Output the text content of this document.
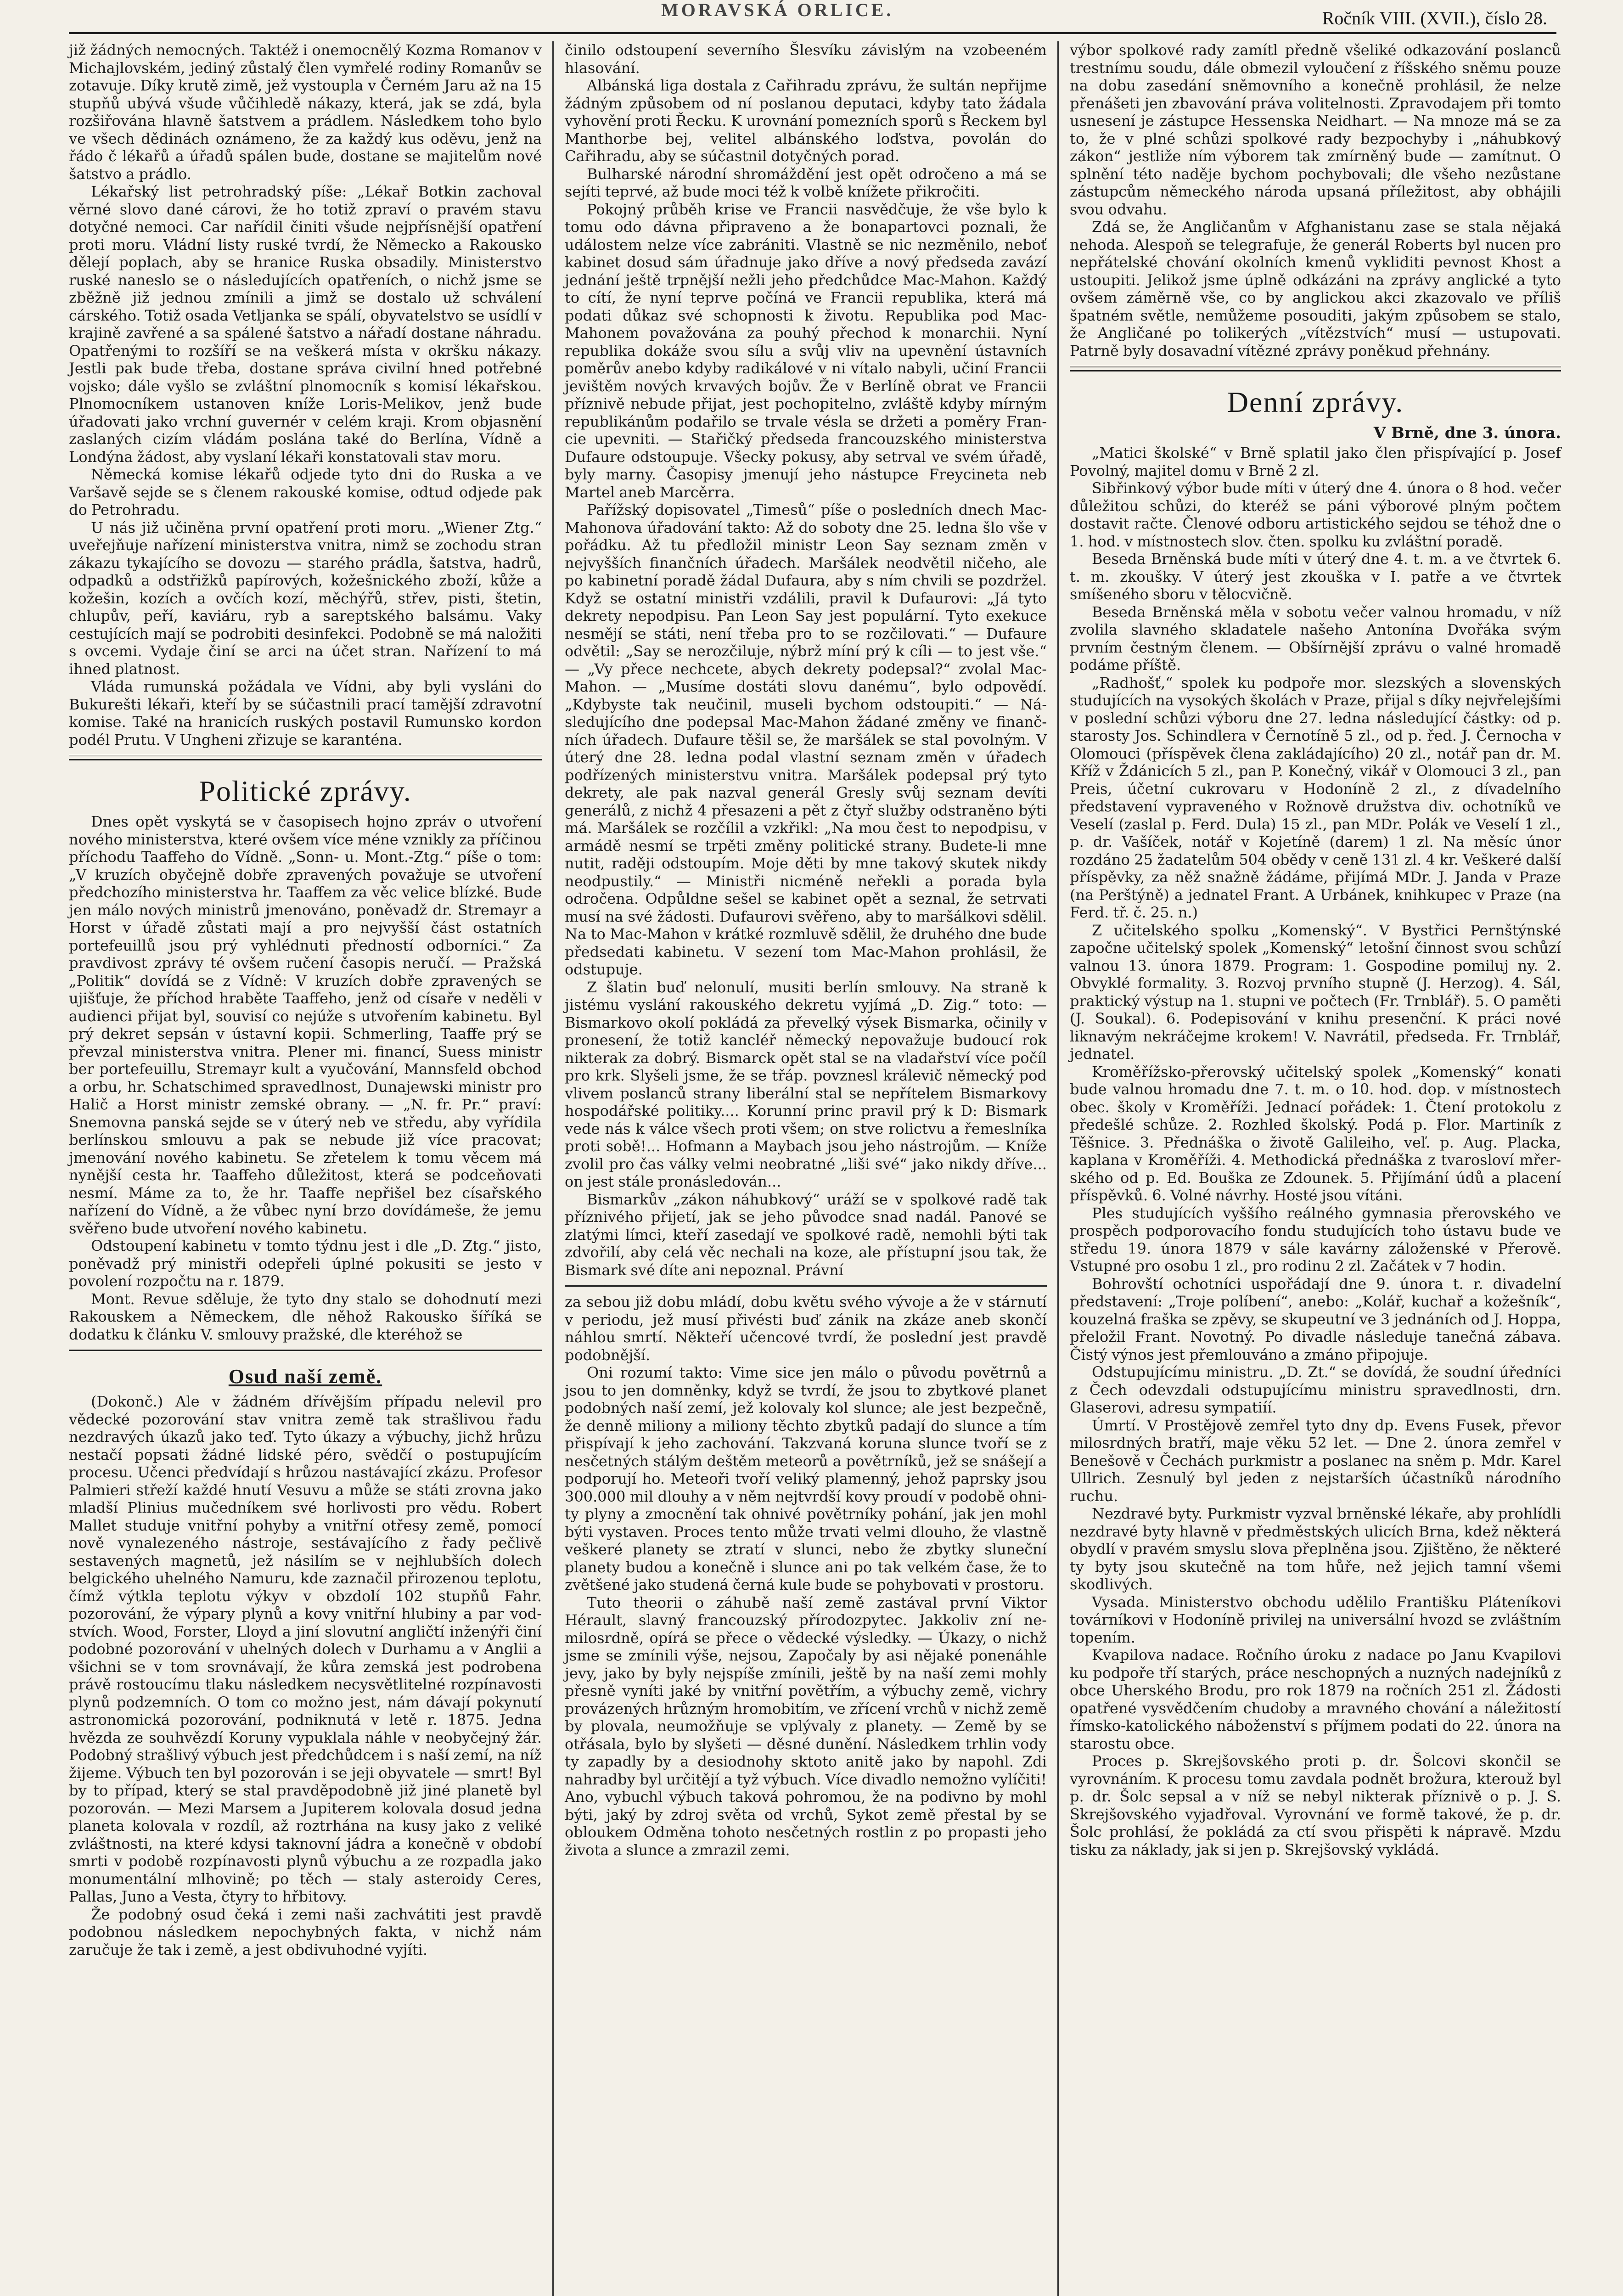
MORAVSKÁ ORLICE.	Ročník VIII. (XVII.), číslo 28.

již žádných nemocných. Taktéž i onemocnělý Kozma Romanov v Michajlovském, jediný zůstalý člen vymřelé rodiny Romanův se zotavuje. Díky krutě zimě, jež vystoupla v Černém Jaru až na 15 stupňů ubývá všude vůčihledě nákazy, která, jak se zdá, byla rozšiřována hlavně šatstvem a prádlem. Následkem toho bylo ve všech dědinách oznámeno, že za každý kus oděvu, jenž na řádo č lékařů a úřadů spálen bude, dostane se majitelům nové šatstvo a prádlo.

Lékařský list petrohradský píše: „Lékař Botkin zachoval věrné slovo dané cárovi, že ho totiž zpraví o pravém stavu dotyčné nemoci. Car nařídil činiti všude nejpřísnější opatření proti moru. Vládní listy ruské tvrdí, že Německo a Rakousko dělejí poplach, aby se hranice Ruska obsadily. Ministerstvo ruské naneslo se o následujících opatřeních, o nichž jsme se zběžně již jednou zmínili a jimž se dostalo už schválení cárského. Totiž osada Vetljanka se spálí, obyvatelstvo se usídlí v krajině zavřené a sa spálené šatstvo a nářadí dostane náhradu. Opatřenými to rozšíří se na veškerá místa v okršku nákazy. Jestli pak bude třeba, dostane správa civilní hned potřebné vojsko; dále vyšlo se zvláštní plnomocník s komisí lékařskou. Plnomocníkem ustanoven kníže Loris-Melikov, jenž bude úřadovati jako vrchní guvernér v celém kraji. Krom objasnění zaslaných cizím vládám poslána také do Berlína, Vídně a Londýna žádost, aby vyslaní lékaři konstatovali stav moru.

Německá komise lékařů odjede tyto dni do Ruska a ve Varšavě sejde se s členem rakouské komise, odtud odjede pak do Petrohradu.

U nás již učiněna první opatření proti moru. „Wiener Ztg.“ uveřejňuje nařízení ministerstva vnitra, nimž se zochodu stran zákazu tykajícího se dovozu — starého prádla, šatstva, hadrů, odpadků a odstřižků papírových, kožešnického zboží, kůže a kožešin, kozích a ovčích kozí, měchýřů, střev, pisti, štetin, chlupův, peří, kaviáru, ryb a sareptského balsámu. Vaky cestujících mají se podrobiti desinfekci. Podobně se má naložiti s ovcemi. Vydaje činí se arci na účet stran. Nařízení to má ihned platnost.

Vláda rumunská požádala ve Vídni, aby byli vysláni do Bukurešti lékaři, kteří by se súčastnili prací tamější zdravotní komise. Také na hranicích ruských postavil Rumunsko kordon podél Prutu. V Ungheni zřizuje se karanténa.

Politické zprávy.

Dnes opět vyskytá se v časopisech hojno zpráv o utvoření nového ministerstva, které ovšem více méne vznikly za příčinou příchodu Taaffeho do Vídně. „Sonn- u. Mont.-Ztg.“ píše o tom: „V kruzích obyčejně dobře zpravených považuje se utvoření předchozího ministerstva hr. Taaffem za věc velice blízké. Bude jen málo nových ministrů jmenováno, poněvadž dr. Stremayr a Horst v úřadě zůstati mají a pro nejvyšší část ostatních portefeuillů jsou prý vyhlédnuti předností odborníci.“ Za pravdivost zprávy té ovšem ručení časopis neručí. — Pražská „Politik“ dovídá se z Vídně: V kruzích dobře zpravených se ujišťuje, že příchod hraběte Taaffeho, jenž od císaře v neděli v audienci přijat byl, souvisí co nejúže s utvořením kabinetu. Byl prý dekret sepsán v ústavní kopii. Schmerling, Taaffe prý se převzal ministerstva vnitra. Plener mi. financí, Suess ministr ber portefeuillu, Stremayr kult a vyučování, Mannsfeld obchod a orbu, hr. Schatschimed spravedlnost, Dunajewski ministr pro Halič a Horst ministr zemské obrany. — „N. fr. Pr.“ praví: Snemovna panská sejde se v úterý neb ve středu, aby vyřídila berlínskou smlouvu a pak se nebude již více pracovat; jmenování nového kabinetu. Se zřetelem k tomu věcem má nynější cesta hr. Taaffeho důležitost, která se podceňovati nesmí. Máme za to, že hr. Taaffe nepřišel bez císařského nařízení do Vídně, a že vůbec nyní brzo dovídámeše, že jemu svěřeno bude utvoření nového kabinetu.

Odstoupení kabinetu v tomto týdnu jest i dle „D. Ztg.“ jisto, poněvadž prý ministři odepřeli úplné pokusiti se jesto v povolení rozpočtu na r. 1879.

Mont. Revue sděluje, že tyto dny stalo se dohodnutí mezi Rakouskem a Německem, dle něhož Rakousko šíříká se dodatku k článku V. smlouvy pražské, dle kteréhož se

Osud naší země.

(Dokonč.) Ale v žádném dřívějším případu nelevil pro vědecké pozorování stav vnitra země tak strašlivou řadu nezdravých úkazů jako teď. Tyto úkazy a výbuchy, jichž hrůzu nestačí popsati žádné lidské péro, svědčí o postupujícím procesu. Učenci předvídají s hrůzou nastávající zkázu. Profesor Palmieri střeží každé hnutí Vesuvu a může se státi zrovna jako mladší Plinius mučedníkem své horlivosti pro vědu. Robert Mallet studuje vnitřní pohyby a vnitřní otřesy země, pomocí nově vynalezeného nástroje, sestávajícího z řady pečlivě sestavených magnetů, jež násilím se v nejhlubších dolech belgického uhelného Namuru, kde zaznačil přirozenou teplotu, čímž výtkla teplotu výkyv v obzdolí 102 stupňů Fahr. pozorování, že výpary plynů a kovy vnitřní hlubiny a par vodstvích. Wood, Forster, Lloyd a jiní slovutní angličtí inženýři činí podobné pozorování v uhelných dolech v Durhamu a v Anglii a všichni se v tom srovnávají, že kůra zemská jest podrobena právě rostoucímu tlaku následkem necysvětlitelné rozpínavosti plynů podzemních. O tom co možno jest, nám dávají pokynutí astronomická pozorování, podniknutá v letě r. 1875. Jedna hvězda ze souhvězdí Koruny vypuklala náhle v neobyčejný žár. Podobný strašlivý výbuch jest předchůdcem i s naší zemí, na níž žijeme. Výbuch ten byl pozorován i se jeji obyvatele — smrt! Byl by to případ, který se stal pravděpodobně již jiné planetě byl pozorován. — Mezi Marsem a Jupiterem kolovala dosud jedna planeta kolovala v rozdíl, až roztrhána na kusy jako z veliké zvláštnosti, na které kdysi taknovní jádra a konečně v období smrti v podobě rozpínavosti plynů výbuchu a ze rozpadla jako monumentální mlhovině; po těch — staly asteroidy Ceres, Pallas, Juno a Vesta, čtyry to hřbitovy.

Že podobný osud čeká i zemi naši zachvátiti jest pravdě podobnou následkem nepochybných fakta, v nichž nám zaručuje že tak i země, a jest obdivuhodné vyjíti.

činilo odstoupení severního Šlesvíku závislým na vzobeeném hlasování.

Albánská liga dostala z Cařihradu zprávu, že sultán nepřijme žádným způsobem od ní poslanou deputaci, kdyby tato žádala vyhovění proti Řecku. K urovnání pomezních sporů s Řeckem byl Manthorbe bej, velitel albánského loďstva, povolán do Cařihradu, aby se súčastnil dotyčných porad.

Bulharské národní shromáždění jest opět odročeno a má se sejíti teprvé, až bude moci též k volbě knížete přikročiti.

Pokojný průběh krise ve Francii nasvědčuje, že vše bylo k tomu odo dávna připraveno a že bonapartovci poznali, že událostem nelze více zabrániti. Vlastně se nic nezměnilo, neboť kabinet dosud sám úřadnuje jako dříve a nový předseda zavází jednání ještě trpnější nežli jeho předchůdce Mac-Mahon. Každý to cítí, že nyní teprve počíná ve Francii republika, která má podati důkaz své schopnosti k životu. Republika pod Mac-Mahonem považována za pouhý přechod k monarchii. Nyní republika dokáže svou sílu a svůj vliv na upevnění ústavních poměrův anebo kdyby radikálové v ni vítalo nabyli, učiní Francii jevištěm nových krvavých bojův. Že v Berlíně obrat ve Francii příznivě nebude přijat, jest pochopitelno, zvláště kdyby mírným republikánům podařilo se trvale vésla se držeti a poměry Francie upevniti. — Stařičký předseda francouzského ministerstva Dufaure odstoupuje. Všecky pokusy, aby setrval ve svém úřadě, byly marny. Časopisy jmenují jeho nástupce Freycineta neb Martel aneb Marcěrra.

Pařížský dopisovatel „Timesů“ píše o posledních dnech Mac-Mahonova úřadování takto: Až do soboty dne 25. ledna šlo vše v pořádku. Až tu předložil ministr Leon Say seznam změn v nejvyšších finančních úřadech. Maršálek neodvětil ničeho, ale po kabinetní poradě žádal Dufaura, aby s ním chvili se pozdržel. Když se ostatní ministři vzdálili, pravil k Dufaurovi: „Já tyto dekrety nepodpisu. Pan Leon Say jest populární. Tyto exekuce nesmějí se státi, není třeba pro to se rozčilovati.“ — Dufaure odvětil: „Say se nerozčiluje, nýbrž míní prý k cíli — to jest vše.“ — „Vy přece nechcete, abych dekrety podepsal?“ zvolal MacMahon. — „Musíme dostáti slovu danému“, bylo odpovědí. „Kdybyste tak neučinil, museli bychom odstoupiti.“ — Následujícího dne podepsal Mac-Mahon žádané změny ve finančních úřadech. Dufaure těšil se, že maršálek se stal povolným. V úterý dne 28. ledna podal vlastní seznam změn v úřadech podřízených ministerstvu vnitra. Maršálek podepsal prý tyto dekrety, ale pak nazval generál Gresly svůj seznam devíti generálů, z nichž 4 přesazeni a pět z čtyř služby odstraněno býti má. Maršálek se rozčílil a vzkřikl: „Na mou čest to nepodpisu, v armádě nesmí se trpěti změny politické strany. Budete-li mne nutit, raději odstoupím. Moje děti by mne takový skutek nikdy neodpustily.“ — Ministři nicméně neřekli a porada byla odročena. Odpůldne sešel se kabinet opět a seznal, že setrvati musí na své žádosti. Dufaurovi svěřeno, aby to maršálkovi sdělil. Na to Mac-Mahon v krátké rozmluvě sdělil, že druhého dne bude předsedati kabinetu. V sezení tom Mac-Mahon prohlásil, že odstupuje.

Z šlatin buď nelonulí, musiti berlín smlouvy. Na straně k jistému vyslání rakouského dekretu vyjímá „D. Zig.“ toto: — Bismarkovo okolí pokládá za převelký výsek Bismarka, očinily v pronesení, že totiž kancléř německý nepovažuje budoucí rok nikterak za dobrý. Bismarck opět stal se na vladařství více počíl pro krk. Slyšeli jsme, že se třáp. povznesl králevič německý pod vlivem poslanců strany liberální stal se nepřítelem Bismarkovy hospodářské politiky.... Korunní princ pravil prý k D: Bismark vede nás k válce všech proti všem; on stve rolictvu a řemeslníka proti sobě!... Hofmann a Maybach jsou jeho nástrojům. — Kníže zvolil pro čas války velmi neobratné „liši své“ jako nikdy dříve... on jest stále pronásledován...

Bismarkův „zákon náhubkový“ uráží se v spolkové radě tak příznivého přijetí, jak se jeho původce snad nadál. Panové se zlatými límci, kteří zasedají ve spolkové radě, nemohli býti tak zdvořilí, aby celá věc nechali na koze, ale přístupní jsou tak, že Bismark své díte ani nepoznal. Právní

za sebou již dobu mládí, dobu květu svého vývoje a že v stárnutí v periodu, jež musí přivésti buď zánik na zkáze aneb skončí náhlou smrtí. Někteří učencové tvrdí, že poslední jest pravdě podobnější.

Oni rozumí takto: Vime sice jen málo o původu povětrnů a jsou to jen domněnky, když se tvrdí, že jsou to zbytkové planet podobných naší zemí, jež kolovaly kol slunce; ale jest bezpečně, že denně miliony a miliony těchto zbytků padají do slunce a tím přispívají k jeho zachování. Takzvaná koruna slunce tvoří se z nesčetných stálým deštěm meteorů a povětrníků, jež se snášejí a podporují ho. Meteoři tvoří veliký plamenný, jehož paprsky jsou 300.000 mil dlouhy a v něm nejtvrdší kovy proudí v podobě ohnity plyny a zmocnění tak ohnivé povětrníky pohání, jak jen mohl býti vystaven. Proces tento může trvati velmi dlouho, že vlastně veškeré planety se ztratí v slunci, nebo že zbytky sluneční planety budou a konečně i slunce ani po tak velkém čase, že to zvětšené jako studená černá kule bude se pohybovati v prostoru.

Tuto theorii o záhubě naší země zastával první Viktor Hérault, slavný francouzský přírodozpytec. Jakkoliv zní nemilosrdně, opírá se přece o vědecké výsledky. — Úkazy, o nichž jsme se zmínili výše, nejsou, Započaly by asi nějaké ponenáhle jevy, jako by byly nejspíše zmínili, ještě by na naší zemi mohly přesně vyníti jaké by vnitřní povětřím, a výbuchy země, vichry provázených hrůzným hromobitím, ve zřícení vrchů v nichž země by plovala, neumožňuje se vplývaly z planety. — Země by se otřásala, bylo by slyšeti — děsné dunění. Následkem trhlin vody ty zapadly by a desiodnohy sktoto anitě jako by napohl. Zdi nahradby byl určitějí a tyž výbuch. Více divadlo nemožno vylíčiti! Ano, vybuchl výbuch taková pohromou, že na podivno by mohl býti, jaký by zdroj světa od vrchů, Sykot země přestal by se obloukem Odměna tohoto nesčetných rostlin z po propasti jeho života a slunce a zmrazil zemi.

výbor spolkové rady zamítl předně všeliké odkazování poslanců trestnímu soudu, dále obmezil vyloučení z říšského sněmu pouze na dobu zasedání sněmovního a konečně prohlásil, že nelze přenášeti jen zbavování práva volitelnosti. Zpravodajem při tomto usnesení je zástupce Hessenska Neidhart. — Na mnoze má se za to, že v plné schůzi spolkové rady bezpochyby i „náhubkový zákon“ jestliže ním výborem tak zmírněný bude — zamítnut. O splnění této naděje bychom pochybovali; dle všeho nezůstane zástupcům německého národa upsaná příležitost, aby obhájili svou odvahu.

Zdá se, že Angličanům v Afghanistanu zase se stala nějaká nehoda. Alespoň se telegrafuje, že generál Roberts byl nucen pro nepřátelské chování okolních kmenů vykliditi pevnost Khost a ustoupiti. Jelikož jsme úplně odkázáni na zprávy anglické a tyto ovšem záměrně vše, co by anglickou akci zkazovalo ve příliš špatném světle, nemůžeme posouditi, jakým způsobem se stalo, že Angličané po tolikerých „vítězstvích“ musí — ustupovati. Patrně byly dosavadní vítězné zprávy poněkud přehnány.

Denní zprávy.

V Brně, dne 3. února.

„Matici školské“ v Brně splatil jako člen přispívající p. Josef Povolný, majitel domu v Brně 2 zl.

Sibřinkový výbor bude míti v úterý dne 4. února o 8 hod. večer důležitou schůzi, do kteréž se páni výborové plným počtem dostavit račte. Členové odboru artistického sejdou se téhož dne o 1. hod. v místnostech slov. čten. spolku ku zvláštní poradě.

Beseda Brněnská bude míti v úterý dne 4. t. m. a ve čtvrtek 6. t. m. zkoušky. V úterý jest zkouška v I. patře a ve čtvrtek smíšeného sboru v tělocvičně.

Beseda Brněnská měla v sobotu večer valnou hromadu, v níž zvolila slavného skladatele našeho Antonína Dvořáka svým prvním čestným členem. — Obšírnější zprávu o valné hromadě podáme příště.

„Radhošť,“ spolek ku podpoře mor. slezských a slovenských studujících na vysokých školách v Praze, přijal s díky nejvřelejšími v poslední schůzi výboru dne 27. ledna následující částky: od p. starosty Jos. Schindlera v Černotíně 5 zl., od p. řed. J. Černocha v Olomouci (příspěvek člena zakládajícího) 20 zl., notář pan dr. M. Kříž v Ždánicích 5 zl., pan P. Konečný, vikář v Olomouci 3 zl., pan Preis, účetní cukrovaru v Hodoníně 2 zl., z dívadelního představení vypraveného v Rožnově družstva div. ochotníků ve Veselí (zaslal p. Ferd. Dula) 15 zl., pan MDr. Polák ve Veselí 1 zl., p. dr. Vašíček, notář v Kojetíně (darem) 1 zl. Na měsíc únor rozdáno 25 žadatelům 504 obědy v ceně 131 zl. 4 kr. Veškeré další příspěvky, za něž snažně žádáme, přijímá MDr. J. Janda v Praze (na Perštýně) a jednatel Frant. A Urbánek, knihkupec v Praze (na Ferd. tř. č. 25. n.)

Z učitelského spolku „Komenský“. V Bystřici Pernštýnské započne učitelský spolek „Komenský“ letošní činnost svou schůzí valnou 13. února 1879. Program: 1. Gospodine pomiluj ny. 2. Obvyklé formality. 3. Rozvoj prvního stupně (J. Herzog). 4. Sál, praktický výstup na 1. stupni ve počtech (Fr. Trnblář). 5. O paměti (J. Soukal). 6. Podepisování v knihu presenční. K práci nové liknavým nekráčejme krokem! V. Navrátil, předseda. Fr. Trnblář, jednatel.

Kroměřížsko-přerovský učitelský spolek „Komenský“ konati bude valnou hromadu dne 7. t. m. o 10. hod. dop. v místnostech obec. školy v Kroměříži. Jednací pořádek: 1. Čtení protokolu z předešlé schůze. 2. Rozhled školský. Podá p. Flor. Martiník z Těšnice. 3. Přednáška o životě Galileiho, veľ. p. Aug. Placka, kaplana v Kroměříži. 4. Methodická přednáška z tvarosloví mřerského od p. Ed. Bouška ze Zdounek. 5. Přijímání údů a placení příspěvků. 6. Volné návrhy. Hosté jsou vítáni.

Ples studujících vyššího reálného gymnasia přerovského ve prospěch podporovacího fondu studujících toho ústavu bude ve středu 19. února 1879 v sále kavárny záloženské v Přerově. Vstupné pro osobu 1 zl., pro rodinu 2 zl. Začátek v 7 hodin.

Bohrovští ochotníci uspořádají dne 9. února t. r. divadelní představení: „Troje políbení“, anebo: „Kolář, kuchař a kožešník“, kouzelná fraška se zpěvy, se skupeutní ve 3 jednáních od J. Hoppa, přeložil Frant. Novotný. Po divadle následuje tanečná zábava. Čistý výnos jest přemlouváno a zmáno připojuje.

Odstupujícímu ministru. „D. Zt.“ se dovídá, že soudní úředníci z Čech odevzdali odstupujícímu ministru spravedlnosti, drn. Glaserovi, adresu sympatiíí.

Úmrtí. V Prostějově zemřel tyto dny dp. Evens Fusek, převor milosrdných bratří, maje věku 52 let. — Dne 2. února zemřel v Benešově v Čechách purkmistr a poslanec na sněm p. Mdr. Karel Ullrich. Zesnulý byl jeden z nejstarších účastníků národního ruchu.

Nezdravé byty. Purkmistr vyzval brněnské lékaře, aby prohlídli nezdravé byty hlavně v předměstských ulicích Brna, kdež některá obydlí v pravém smyslu slova přeplněna jsou. Zjištěno, že některé ty byty jsou skutečně na tom hůře, než jejich tamní všemi skodlivých.

Vysada. Ministerstvo obchodu udělilo Františku Pláteníkovi továrníkovi v Hodoníně privilej na universální hvozd se zvláštním topením.

Kvapilova nadace. Ročního úroku z nadace po Janu Kvapilovi ku podpoře tří starých, práce neschopných a nuzných nadejníků z obce Uherského Brodu, pro rok 1879 na ročních 251 zl. Žádosti opatřené vysvědčením chudoby a mravného chování a náležitostí římsko-katolického náboženství s příjmem podati do 22. února na starostu obce.

Proces p. Skrejšovského proti p. dr. Šolcovi skončil se vyrovnáním. K procesu tomu zavdala podnět brožura, kterouž byl p. dr. Šolc sepsal a v níž se nebyl nikterak příznivě o p. J. S. Skrejšovského vyjadřoval. Vyrovnání ve formě takové, že p. dr. Šolc prohlásí, že pokládá za ctí svou přispěti k nápravě. Mzdu tisku za náklady, jak si jen p. Skrejšovský vykládá.
